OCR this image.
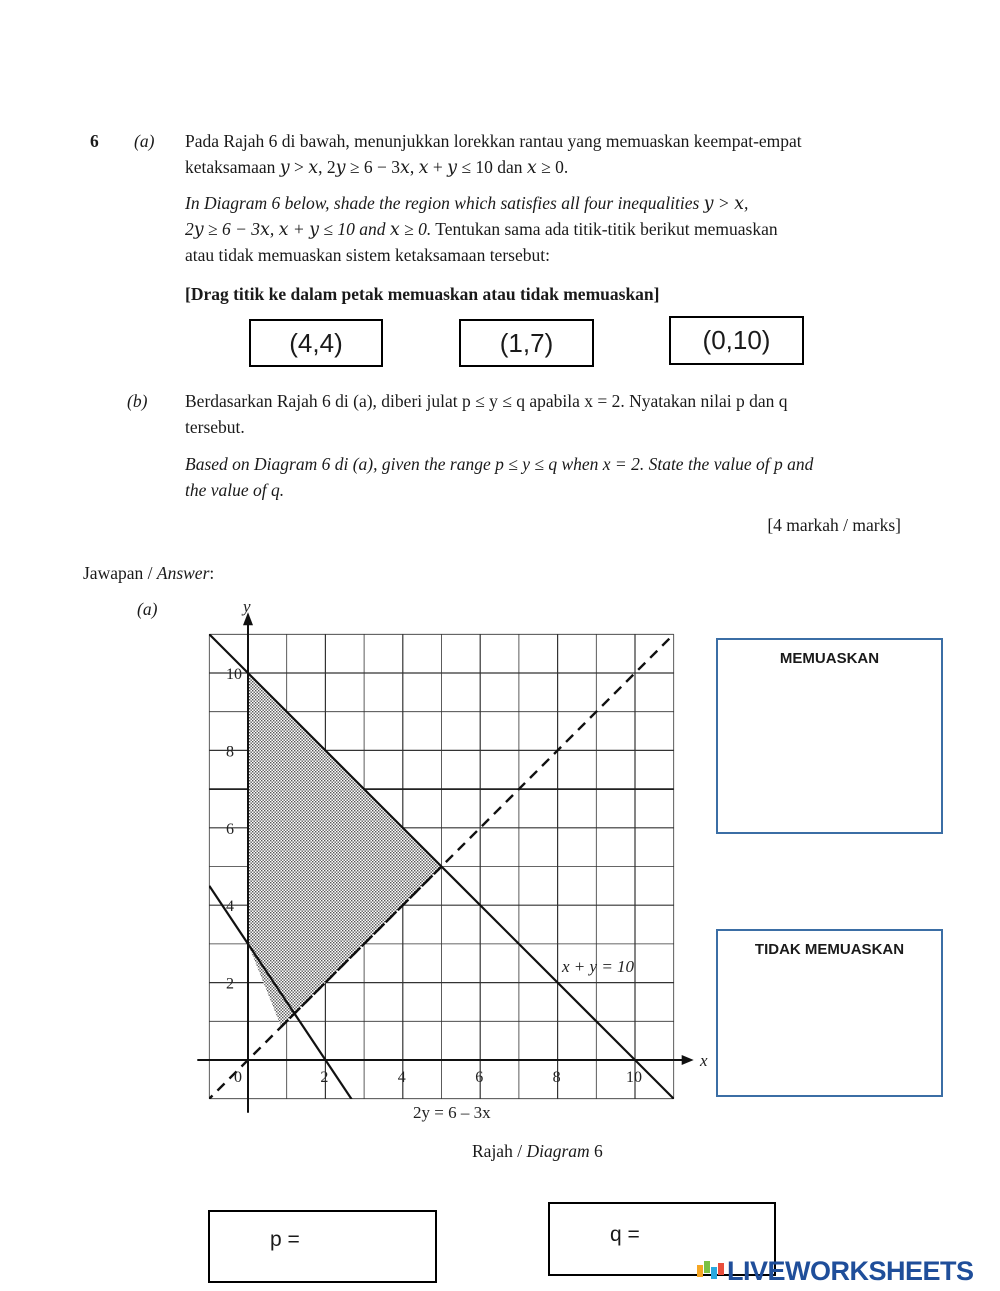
6 (a) Pada Rajah 6 di bawah, menunjukkan lorekkan rantau yang memuaskan keempat-empat
ketaksamaan 𝑦 > 𝑥, 2𝑦 ≥ 6 − 3𝑥, 𝑥 + 𝑦 ≤ 10 dan 𝑥 ≥ 0.
In Diagram 6 below, shade the region which satisfies all four inequalities 𝑦 > 𝑥,
2𝑦 ≥ 6 − 3𝑥, 𝑥 + 𝑦 ≤ 10 and 𝑥 ≥ 0. Tentukan sama ada titik-titik berikut memuaskan
atau tidak memuaskan sistem ketaksamaan tersebut:
[Drag titik ke dalam petak memuaskan atau tidak memuaskan]
(4,4)	(1,7)	(0,10)
(b) Berdasarkan Rajah 6 di (a), diberi julat p ≤ y ≤ q apabila x = 2. Nyatakan nilai p dan q
tersebut.
Based on Diagram 6 di (a), given the range p ≤ y ≤ q when x = 2. State the value of p and
the value of q.
[4 markah / marks]
Jawapan / Answer:
(a)
2	4	6	8	10
2
4
6
8
10
0
x
y
x + y = 10
2y = 6 – 3x
Rajah / Diagram 6
MEMUASKAN
TIDAK MEMUASKAN
p =	q =
LIVEWORKSHEETS
